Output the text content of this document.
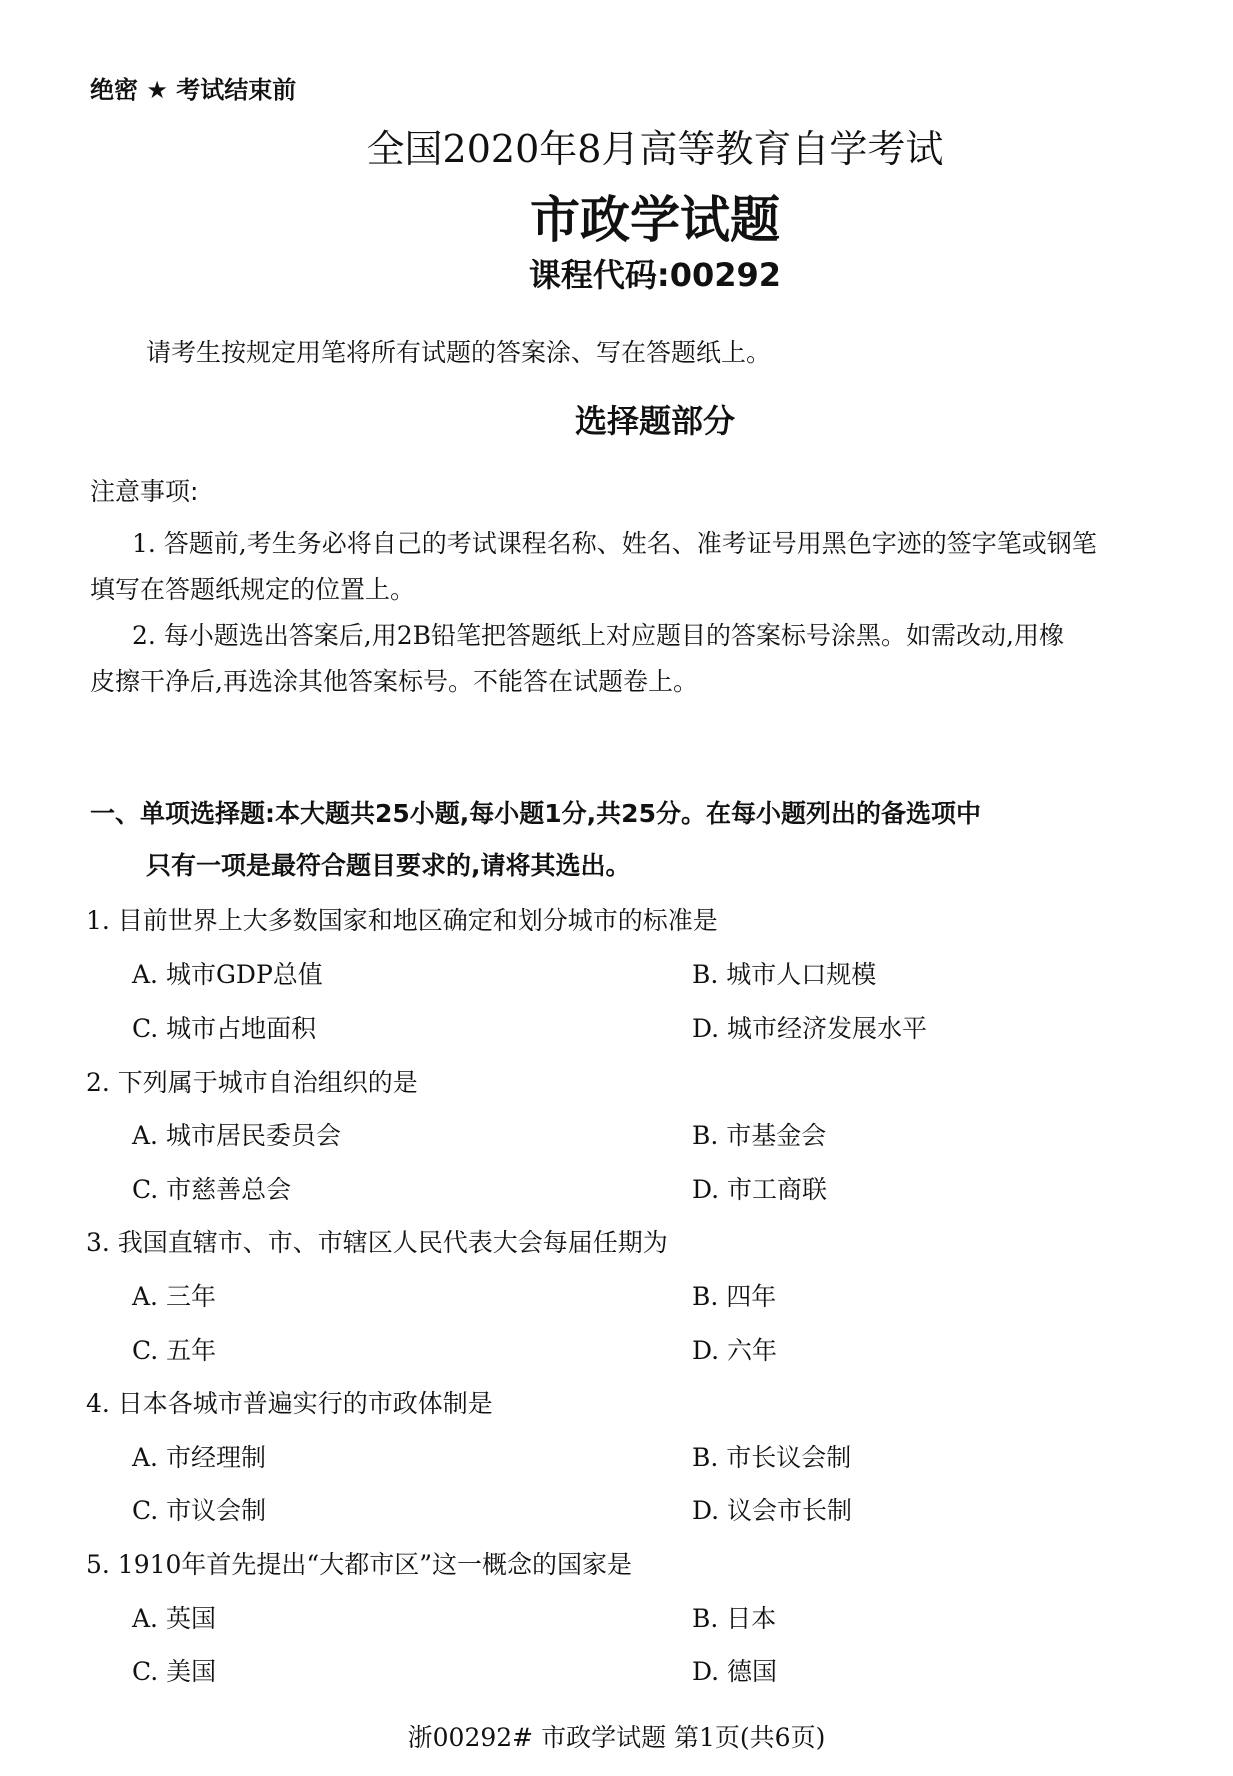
绝密 ★ 考试结束前
全国2020年8月高等教育自学考试
市政学试题
课程代码:00292
请考生按规定用笔将所有试题的答案涂、写在答题纸上。
选择题部分
注意事项:
1. 答题前,考生务必将自己的考试课程名称、姓名、准考证号用黑色字迹的签字笔或钢笔
填写在答题纸规定的位置上。
2. 每小题选出答案后,用2B铅笔把答题纸上对应题目的答案标号涂黑。如需改动,用橡
皮擦干净后,再选涂其他答案标号。不能答在试题卷上。
一、单项选择题:本大题共25小题,每小题1分,共25分。在每小题列出的备选项中
只有一项是最符合题目要求的,请将其选出。
1. 目前世界上大多数国家和地区确定和划分城市的标准是
A. 城市GDP总值	B. 城市人口规模
C. 城市占地面积	D. 城市经济发展水平
2. 下列属于城市自治组织的是
A. 城市居民委员会	B. 市基金会
C. 市慈善总会	D. 市工商联
3. 我国直辖市、市、市辖区人民代表大会每届任期为
A. 三年	B. 四年
C. 五年	D. 六年
4. 日本各城市普遍实行的市政体制是
A. 市经理制	B. 市长议会制
C. 市议会制	D. 议会市长制
5. 1910年首先提出“大都市区”这一概念的国家是
A. 英国	B. 日本
C. 美国	D. 德国
浙00292# 市政学试题 第1页(共6页)
